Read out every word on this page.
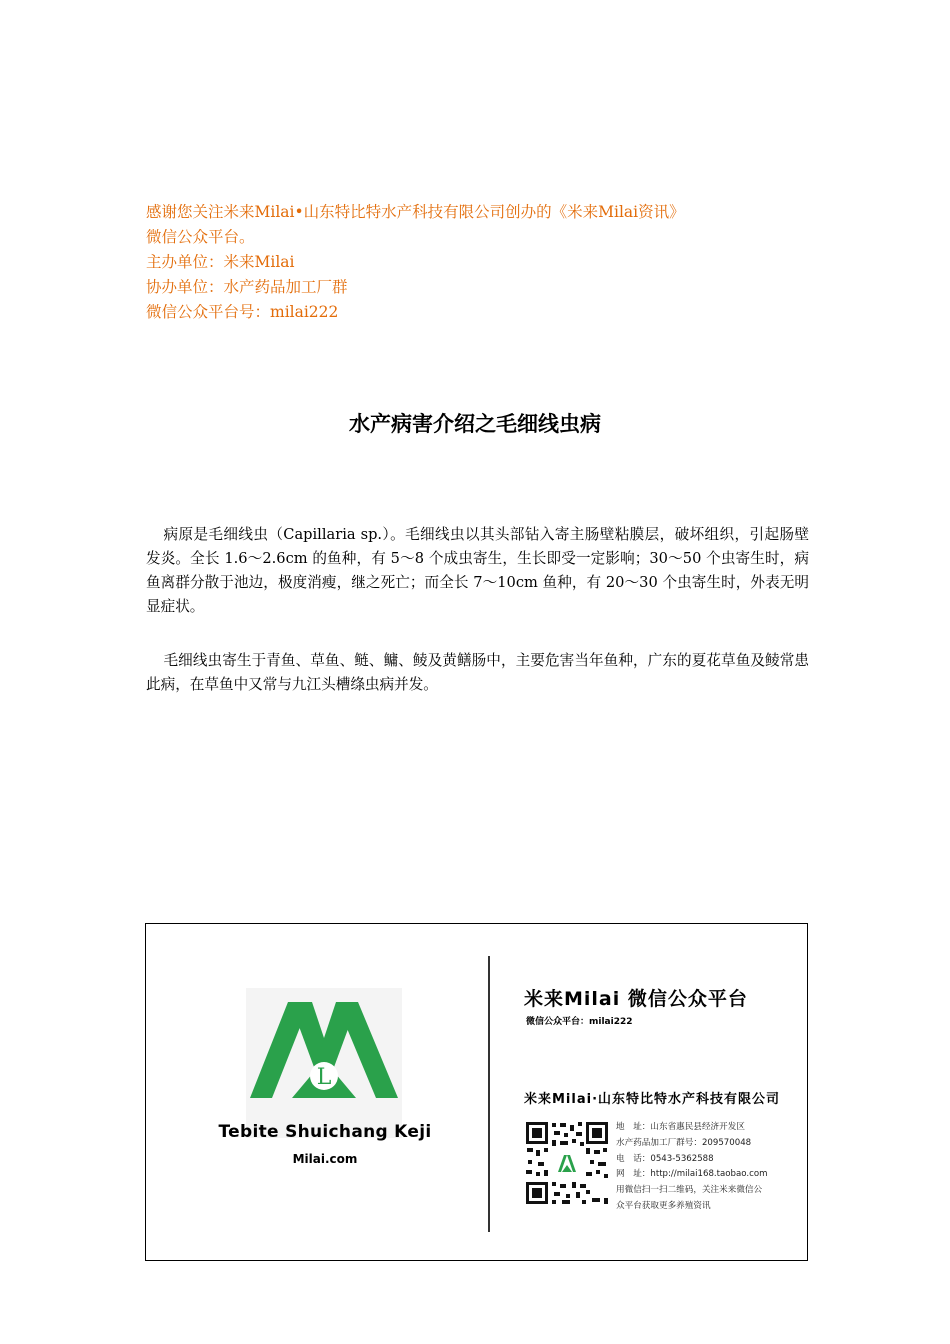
感谢您关注米来Milai•山东特比特水产科技有限公司创办的《米来Milai资讯》
微信公众平台。
主办单位：米来Milai
协办单位：水产药品加工厂群
微信公众平台号：milai222
水产病害介绍之毛细线虫病
病原是毛细线虫（Capillaria sp.）。毛细线虫以其头部钻入寄主肠壁粘膜层，破坏组织，引起肠壁发炎。全长 1.6～2.6cm 的鱼种，有 5～8 个成虫寄生，生长即受一定影响；30～50 个虫寄生时，病鱼离群分散于池边，极度消瘦，继之死亡；而全长 7～10cm 鱼种，有 20～30 个虫寄生时，外表无明显症状。
毛细线虫寄生于青鱼、草鱼、鲢、鳙、鲮及黄鳝肠中，主要危害当年鱼种，广东的夏花草鱼及鲮常患此病，在草鱼中又常与九江头槽绦虫病并发。
L
Tebite Shuichang Keji
Milai.com
米来Milai 微信公众平台
微信公众平台：milai222
米来Milai·山东特比特水产科技有限公司
地　址：山东省惠民县经济开发区
水产药品加工厂群号：209570048
电　话：0543-5362588
网　址：http://milai168.taobao.com
用微信扫一扫二维码，关注米来微信公
众平台获取更多养殖资讯
